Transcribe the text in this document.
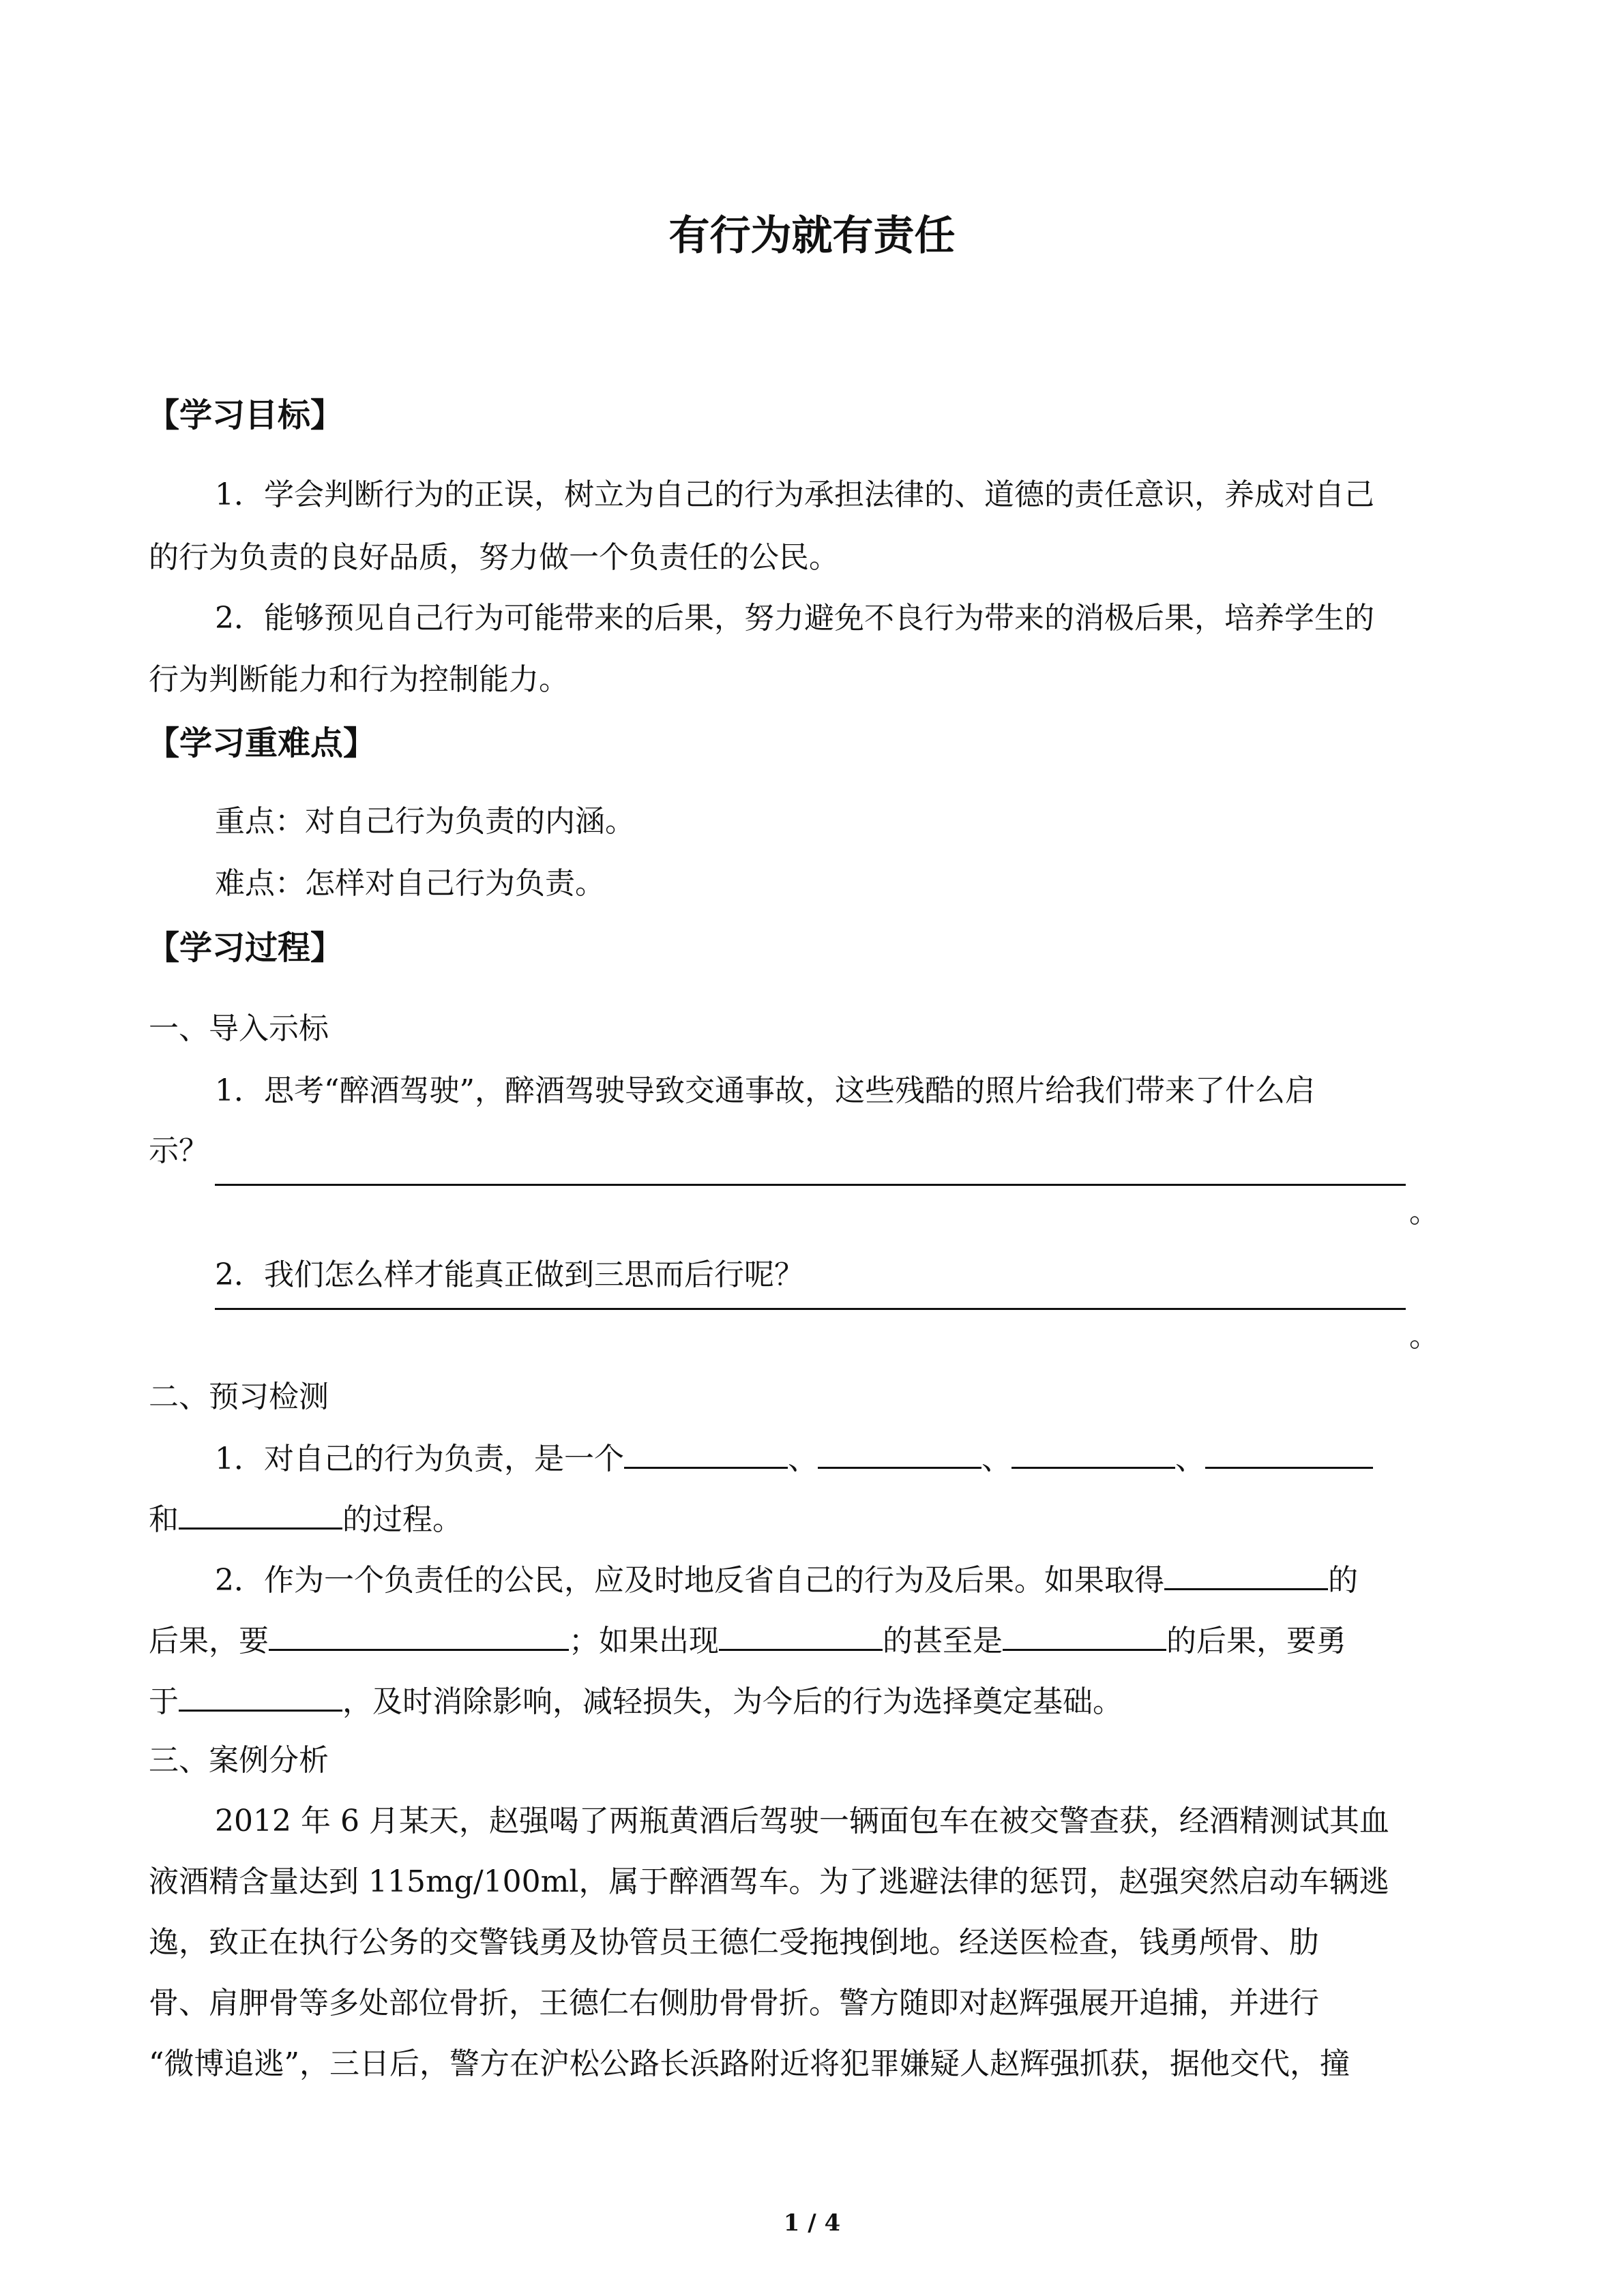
有行为就有责任
【学习目标】
1．学会判断行为的正误，树立为自己的行为承担法律的、道德的责任意识，养成对自己
的行为负责的良好品质，努力做一个负责任的公民。
2．能够预见自己行为可能带来的后果，努力避免不良行为带来的消极后果，培养学生的
行为判断能力和行为控制能力。
【学习重难点】
重点：对自己行为负责的内涵。
难点：怎样对自己行为负责。
【学习过程】
一、导入示标
1．思考“醉酒驾驶”，醉酒驾驶导致交通事故，这些残酷的照片给我们带来了什么启
示？
。
2．我们怎么样才能真正做到三思而后行呢？
。
二、预习检测
1．对自己的行为负责，是一个	、	、	、
和	的过程。
2．作为一个负责任的公民，应及时地反省自己的行为及后果。如果取得	的
后果，要	；如果出现	的甚至是	的后果，要勇
于	，及时消除影响，减轻损失，为今后的行为选择奠定基础。
三、案例分析
2012 年 6 月某天，赵强喝了两瓶黄酒后驾驶一辆面包车在被交警查获，经酒精测试其血
液酒精含量达到 115mg/100ml，属于醉酒驾车。为了逃避法律的惩罚，赵强突然启动车辆逃
逸，致正在执行公务的交警钱勇及协管员王德仁受拖拽倒地。经送医检查，钱勇颅骨、肋
骨、肩胛骨等多处部位骨折，王德仁右侧肋骨骨折。警方随即对赵辉强展开追捕，并进行
“微博追逃”，三日后，警方在沪松公路长浜路附近将犯罪嫌疑人赵辉强抓获，据他交代，撞
1 / 4
